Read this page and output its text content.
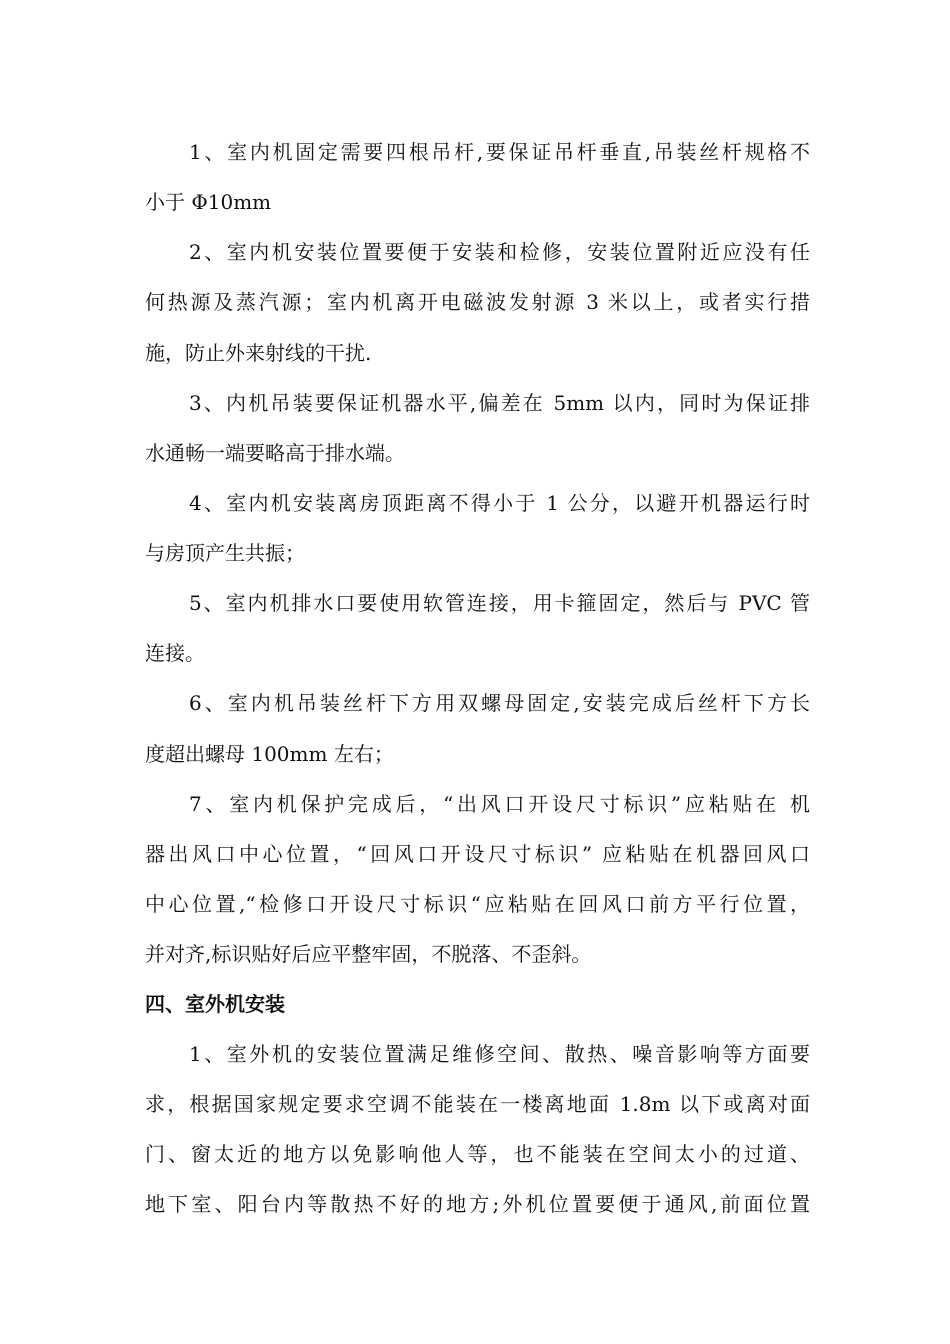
1、室内机固定需要四根吊杆,要保证吊杆垂直,吊装丝杆规格不
小于 Φ10mm
2、室内机安装位置要便于安装和检修，安装位置附近应没有任
何热源及蒸汽源；室内机离开电磁波发射源 3 米以上，或者实行措
施，防止外来射线的干扰.
3、内机吊装要保证机器水平,偏差在 5mm 以内，同时为保证排
水通畅一端要略高于排水端。
4、室内机安装离房顶距离不得小于 1 公分，以避开机器运行时
与房顶产生共振；
5、室内机排水口要使用软管连接，用卡箍固定，然后与 PVC 管
连接。
6、室内机吊装丝杆下方用双螺母固定,安装完成后丝杆下方长
度超出螺母 100mm 左右；
7、室内机保护完成后，“出风口开设尺寸标识”应粘贴在 机
器出风口中心位置，“回风口开设尺寸标识” 应粘贴在机器回风口
中心位置,“检修口开设尺寸标识“应粘贴在回风口前方平行位置，
并对齐,标识贴好后应平整牢固，不脱落、不歪斜。
四、室外机安装
1、室外机的安装位置满足维修空间、散热、噪音影响等方面要
求，根据国家规定要求空调不能装在一楼离地面 1.8m 以下或离对面
门、窗太近的地方以免影响他人等，也不能装在空间太小的过道、
地下室、阳台内等散热不好的地方;外机位置要便于通风,前面位置
